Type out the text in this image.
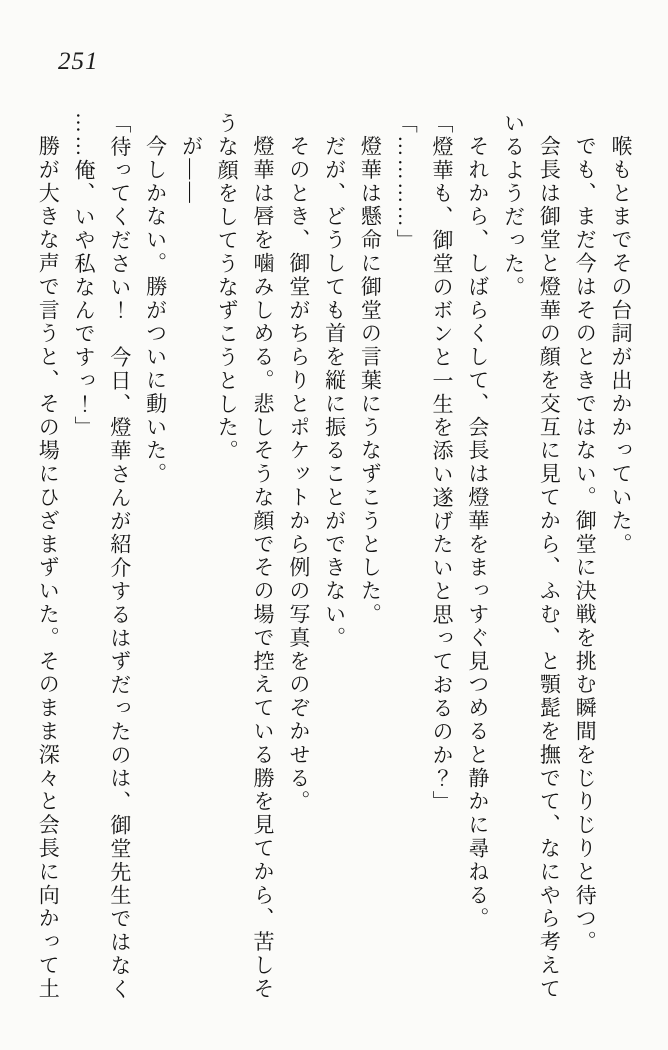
251

喉もとまでその台詞が出かかっていた。

でも、まだ今はそのときではない。御堂に決戦を挑む瞬間をじりじりと待つ。

会長は御堂と燈華の顔を交互に見てから、ふむ、と顎髭を撫でて、なにやら考えて

いるようだった。

それから、しばらくして、会長は燈華をまっすぐ見つめると静かに尋ねる。

「燈華も、御堂のボンと一生を添い遂げたいと思っておるのか？」

「…………」

燈華は懸命に御堂の言葉にうなずこうとした。

だが、どうしても首を縦に振ることができない。

そのとき、御堂がちらりとポケットから例の写真をのぞかせる。

燈華は唇を噛みしめる。悲しそうな顔でその場で控えている勝を見てから、苦しそ

うな顔をしてうなずこうとした。

が——

今しかない。勝がついに動いた。

「待ってください！　今日、燈華さんが紹介するはずだったのは、御堂先生ではなく

……俺、いや私なんですっ！」

勝が大きな声で言うと、その場にひざまずいた。そのまま深々と会長に向かって土
